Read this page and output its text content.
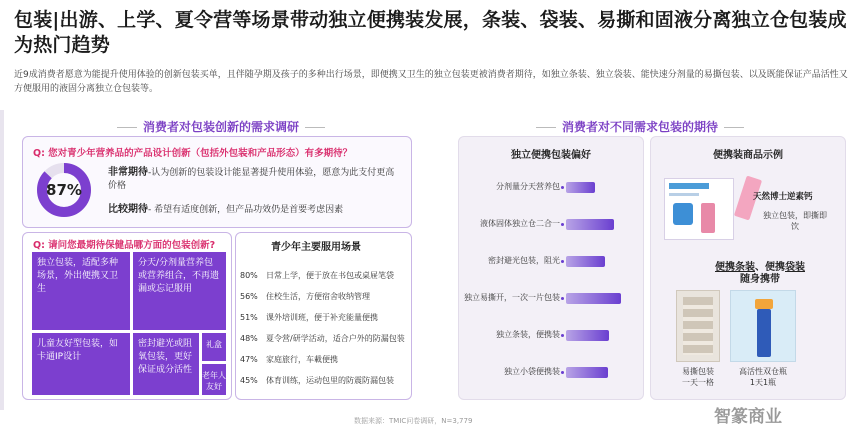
包装|出游、上学、夏令营等场景带动独立便携装发展，条装、袋装、易撕和固液分离独立仓包装成为热门趋势
近9成消费者愿意为能提升使用体验的创新包装买单，且伴随孕期及孩子的多种出行场景，即便携又卫生的独立包装更被消费者期待，如独立条装、独立袋装、能快速分剂量的易撕包装、以及既能保证产品活性又方便服用的液固分离独立仓包装等。
消费者对包装创新的需求调研
Q: 您对青少年营养品的产品设计创新（包括外包装和产品形态）有多期待？
87%
非常期待-认为创新的包装设计能显著提升使用体验，愿意为此支付更高价格
比较期待- 希望有适度创新，但产品功效仍是首要考虑因素
Q: 请问您最期待保健品哪方面的包装创新?
独立包装，适配多种场景，外出便携又卫生
分天/分剂量营养包或营养组合，不再遗漏或忘记服用
儿童友好型包装，如卡通IP设计
密封避光或阻氧包装，更好保证成分活性
礼盒
老年人友好
青少年主要服用场景
80% 日常上学，便于放在书包或桌屉笔袋
56% 住校生活，方便宿舍收纳管理
51% 课外培训班，便于补充能量便携
48% 夏令营/研学活动，适合户外的防漏包装
47% 家庭旅行，车載便携
45% 体育训练，运动包里的防震防漏包装
消费者对不同需求包装的期待
独立便携包装偏好
分剂量分天营养包
液体固体独立仓二合一
密封避光包装，阻光
独立易撕开，一次一片包装
独立条装，便携装
独立小袋便携装
便携装商品示例
天然博士逆素钙
独立包装，即撕即饮
便携条装、便携袋装
随身携带
易撕包装
一天一格
高活性双仓瓶
1天1瓶
数据来源：TMIC问卷调研，N=3,779	智篆商业
